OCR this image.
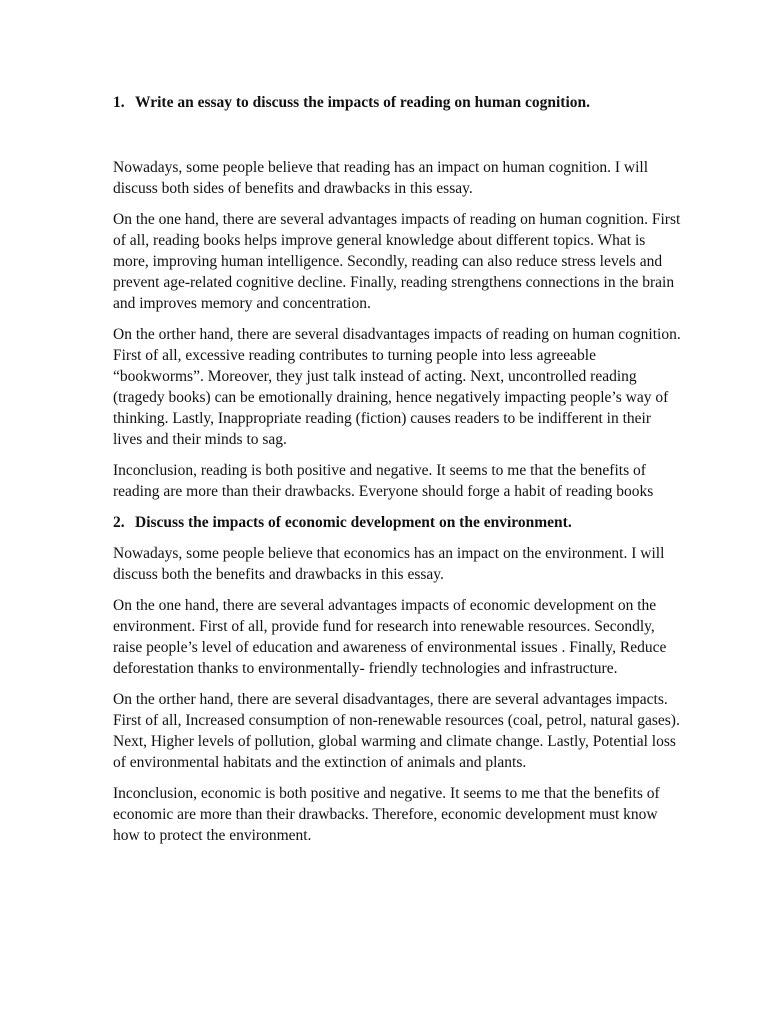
1. Write an essay to discuss the impacts of reading on human cognition.

Nowadays, some people believe that reading has an impact on human cognition. I will discuss both sides of benefits and drawbacks in this essay.

On the one hand, there are several advantages impacts of reading on human cognition. First of all, reading books helps improve general knowledge about different topics. What is more, improving human intelligence. Secondly, reading can also reduce stress levels and prevent age-related cognitive decline. Finally, reading strengthens connections in the brain and improves memory and concentration.

On the orther hand, there are several disadvantages impacts of reading on human cognition. First of all, excessive reading contributes to turning people into less agreeable “bookworms”. Moreover, they just talk instead of acting. Next, uncontrolled reading (tragedy books) can be emotionally draining, hence negatively impacting people’s way of thinking. Lastly, Inappropriate reading (fiction) causes readers to be indifferent in their lives and their minds to sag.

Inconclusion, reading is both positive and negative. It seems to me that the benefits of reading are more than their drawbacks. Everyone should forge a habit of reading books

2. Discuss the impacts of economic development on the environment.

Nowadays, some people believe that economics has an impact on the environment. I will discuss both the benefits and drawbacks in this essay.

On the one hand, there are several advantages impacts of economic development on the environment. First of all, provide fund for research into renewable resources. Secondly, raise people’s level of education and awareness of environmental issues . Finally, Reduce deforestation thanks to environmentally- friendly technologies and infrastructure.

On the orther hand, there are several disadvantages, there are several advantages impacts. First of all, Increased consumption of non-renewable resources (coal, petrol, natural gases). Next, Higher levels of pollution, global warming and climate change. Lastly, Potential loss of environmental habitats and the extinction of animals and plants.

Inconclusion, economic is both positive and negative. It seems to me that the benefits of economic are more than their drawbacks. Therefore, economic development must know how to protect the environment.
